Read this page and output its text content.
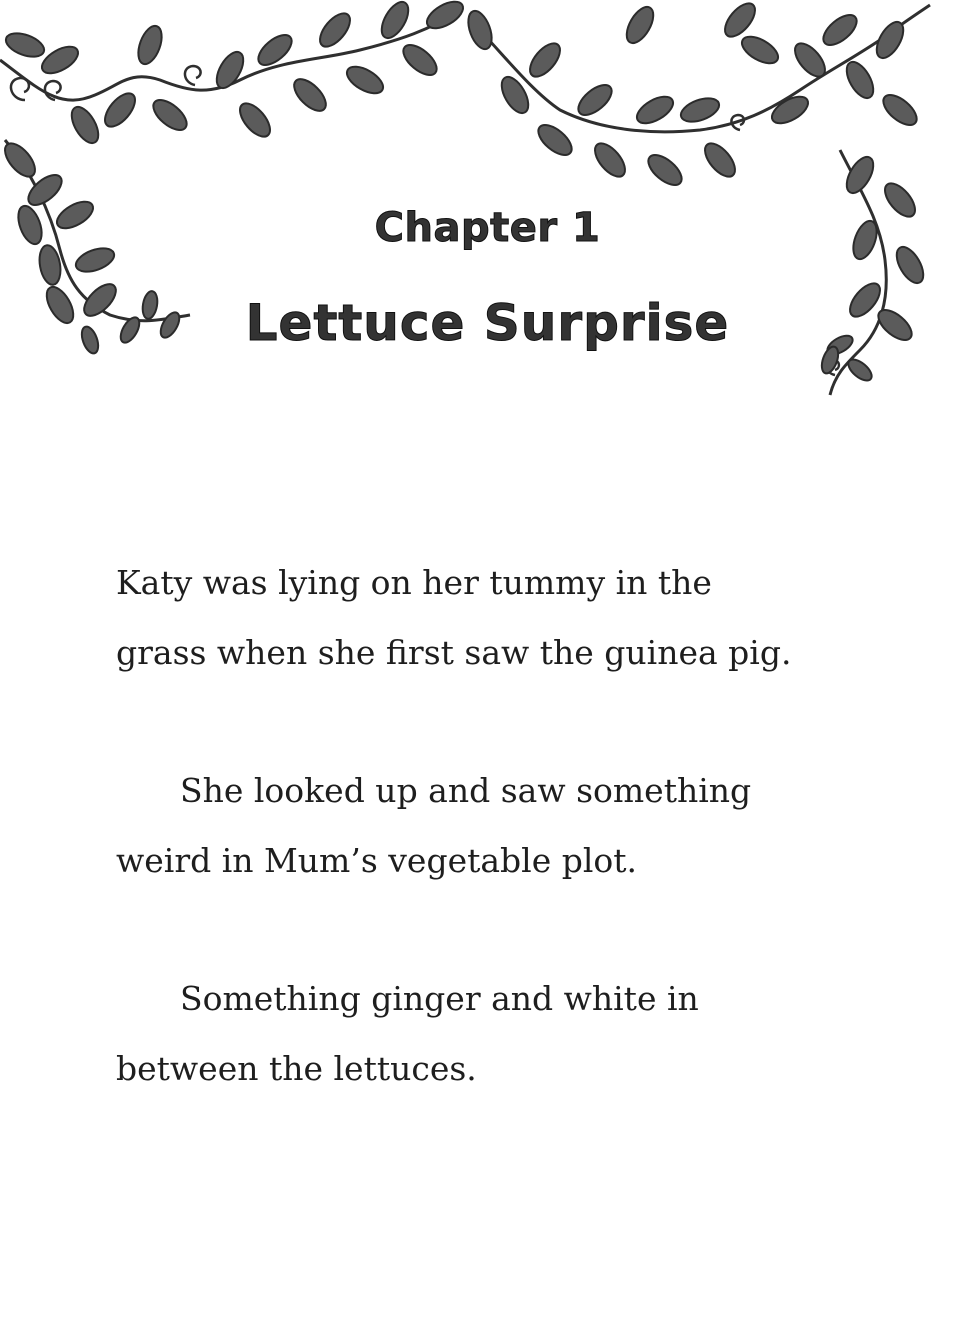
Chapter 1
Lettuce Surprise

Katy was lying on her tummy in the
grass when she first saw the guinea pig.

She looked up and saw something
weird in Mum’s vegetable plot.

Something ginger and white in
between the lettuces.
